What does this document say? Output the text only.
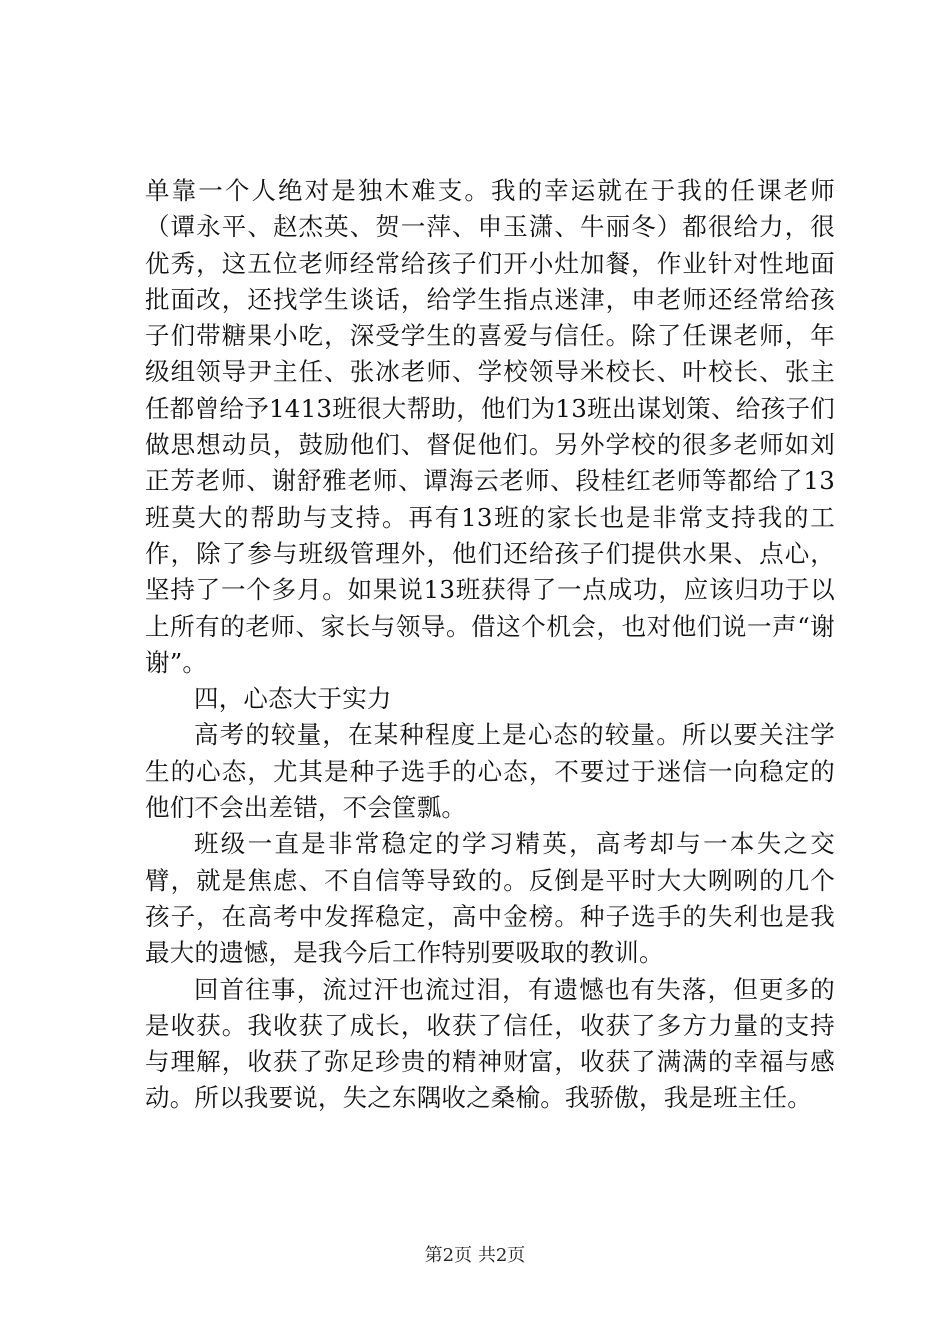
单靠一个人绝对是独木难支。我的幸运就在于我的任课老师（谭永平、赵杰英、贺一萍、申玉潇、牛丽冬）都很给力，很优秀，这五位老师经常给孩子们开小灶加餐，作业针对性地面批面改，还找学生谈话，给学生指点迷津，申老师还经常给孩子们带糖果小吃，深受学生的喜爱与信任。除了任课老师，年级组领导尹主任、张冰老师、学校领导米校长、叶校长、张主任都曾给予1413班很大帮助，他们为13班出谋划策、给孩子们做思想动员，鼓励他们、督促他们。另外学校的很多老师如刘正芳老师、谢舒雅老师、谭海云老师、段桂红老师等都给了13班莫大的帮助与支持。再有13班的家长也是非常支持我的工作，除了参与班级管理外，他们还给孩子们提供水果、点心，坚持了一个多月。如果说13班获得了一点成功，应该归功于以上所有的老师、家长与领导。借这个机会，也对他们说一声“谢谢”。

四，心态大于实力

高考的较量，在某种程度上是心态的较量。所以要关注学生的心态，尤其是种子选手的心态，不要过于迷信一向稳定的他们不会出差错，不会筐瓢。

班级一直是非常稳定的学习精英，高考却与一本失之交臂，就是焦虑、不自信等导致的。反倒是平时大大咧咧的几个孩子，在高考中发挥稳定，高中金榜。种子选手的失利也是我最大的遗憾，是我今后工作特别要吸取的教训。

回首往事，流过汗也流过泪，有遗憾也有失落，但更多的是收获。我收获了成长，收获了信任，收获了多方力量的支持与理解，收获了弥足珍贵的精神财富，收获了满满的幸福与感动。所以我要说，失之东隅收之桑榆。我骄傲，我是班主任。

第2页 共2页
